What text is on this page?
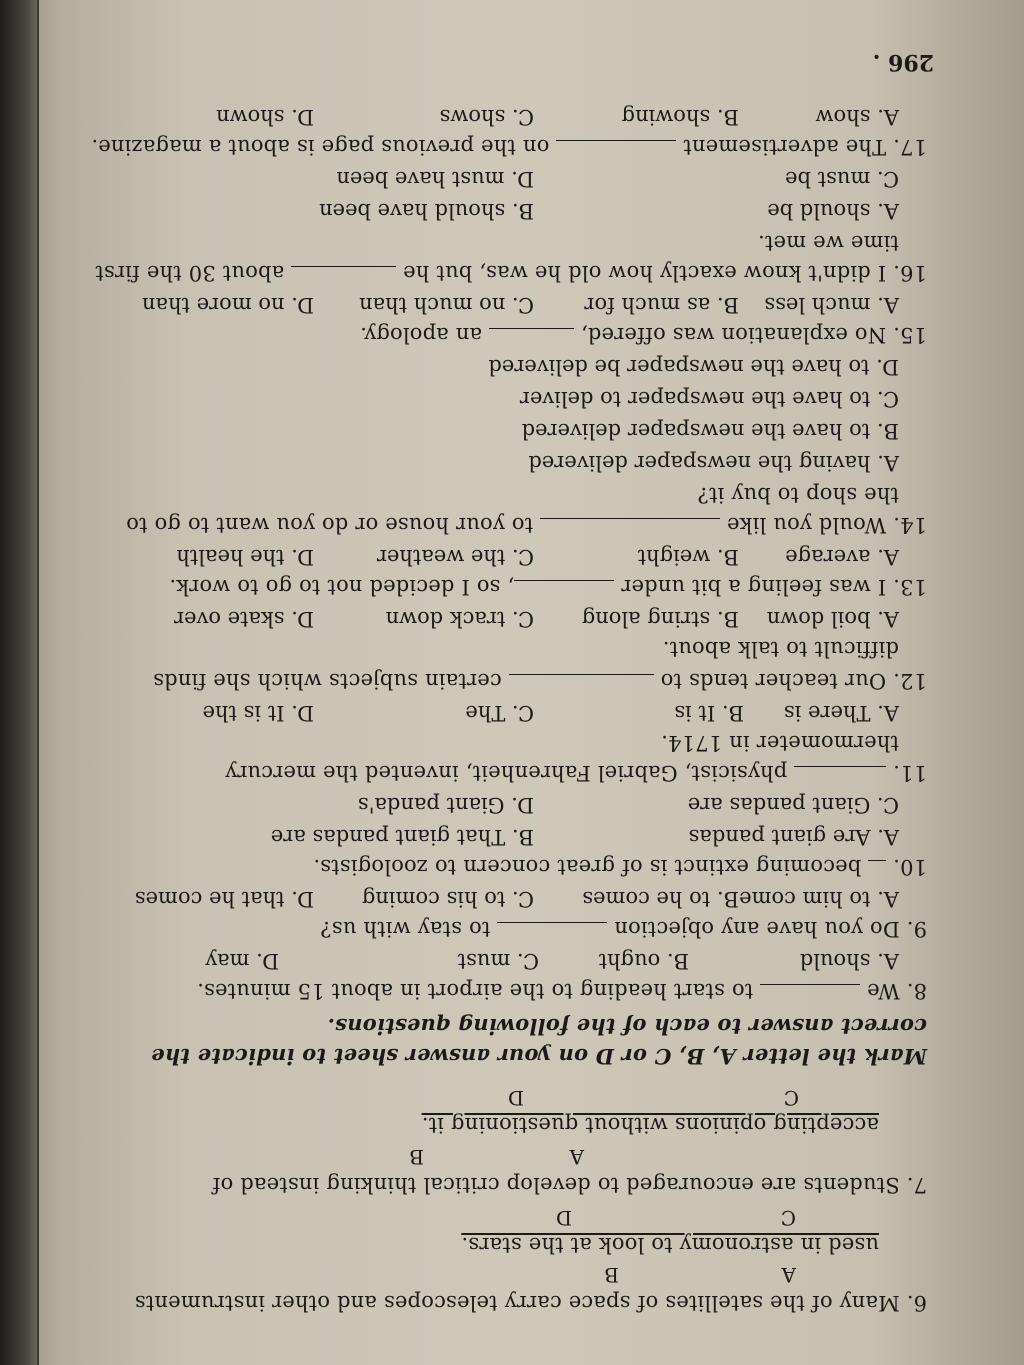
6. Many of the satellites of space carry telescopes and other instruments
used in astronomy to look at the stars.
A
B
C
D
7. Students are encouraged to develop critical thinking instead of
accepting opinions without questioning it.
A
B
C
D
Mark the letter A, B, C or D on your answer sheet to indicate the
correct answer to each of the following questions.
8. We  to start heading to the airport in about 15 minutes.
A. should
B. ought
C. must
D. may
9. Do you have any objection  to stay with us?
A. to him come
B. to he comes
C. to his coming
D. that he comes
10.  becoming extinct is of great concern to zoologists.
A. Are giant pandas
B. That giant pandas are
C. Giant pandas are
D. Giant panda's
11.  physicist, Gabriel Fahrenheit, invented the mercury
thermometer in 1714.
A. There is
B. It is
C. The
D. It is the
12. Our teacher tends to  certain subjects which she finds
difficult to talk about.
A. boil down
B. string along
C. track down
D. skate over
13. I was feeling a bit under , so I decided not to go to work.
A. average
B. weight
C. the weather
D. the health
14. Would you like  to your house or do you want to go to
the shop to buy it?
A. having the newspaper delivered
B. to have the newspaper delivered
C. to have the newspaper to deliver
D. to have the newspaper be delivered
15. No explanation was offered,  an apology.
A. much less
B. as much for
C. no much than
D. no more than
16. I didn't know exactly how old he was, but he  about 30 the first
time we met.
A. should be
B. should have been
C. must be
D. must have been
17. The advertisement  on the previous page is about a magazine.
A. show
B. showing
C. shows
D. shown
296 .
